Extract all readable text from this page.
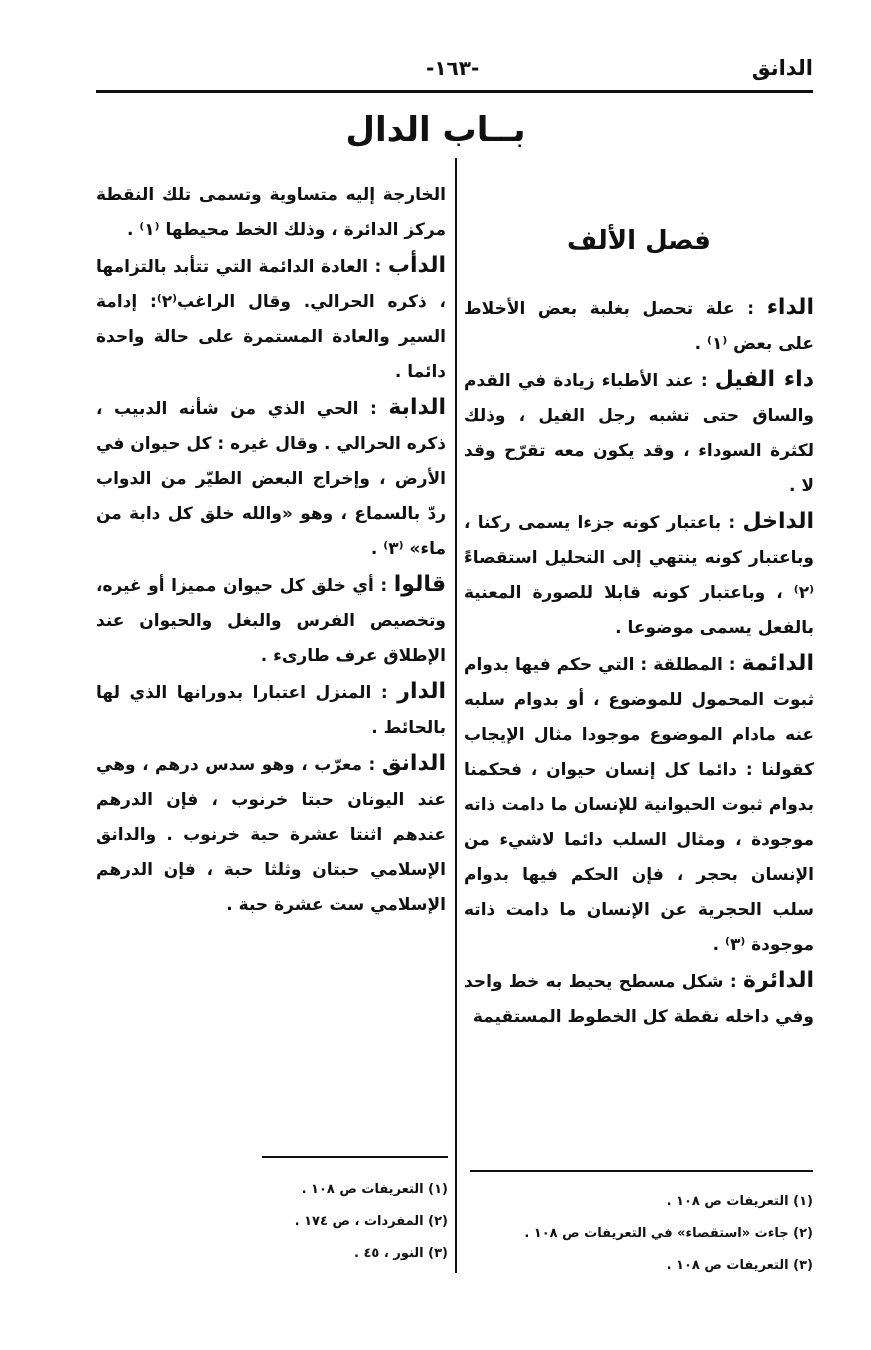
الدانق
-١٦٣-
بــاب الدال
فصل الألف

الداء : علة تحصل بغلبة بعض الأخلاط على بعض ⁽١⁾ .

داء الفيل : عند الأطباء زيادة في القدم والساق حتى تشبه رجل الفيل ، وذلك لكثرة السوداء ، وقد يكون معه تقرّح وقد لا .

الداخل : باعتبار كونه جزءا يسمى ركنا ، وباعتبار كونه ينتهي إلى التحليل استقصاءً ⁽٢⁾ ، وباعتبار كونه قابلا للصورة المعنية بالفعل يسمى موضوعا .

الدائمة : المطلقة : التي حكم فيها بدوام ثبوت المحمول للموضوع ، أو بدوام سلبه عنه مادام الموضوع موجودا مثال الإيجاب كقولنا : دائما كل إنسان حيوان ، فحكمنا بدوام ثبوت الحيوانية للإنسان ما دامت ذاته موجودة ، ومثال السلب دائما لاشيء من الإنسان بحجر ، فإن الحكم فيها بدوام سلب الحجرية عن الإنسان ما دامت ذاته موجودة ⁽٣⁾ .

الدائرة : شكل مسطح يحيط به خط واحد وفي داخله نقطة كل الخطوط المستقيمة

الخارجة إليه متساوية وتسمى تلك النقطة مركز الدائرة ، وذلك الخط محيطها ⁽١⁾ .

الدأب : العادة الدائمة التي تتأبد بالتزامها ، ذكره الحرالي. وقال الراغب⁽٢⁾: إدامة السير والعادة المستمرة على حالة واحدة دائما .

الدابة : الحي الذي من شأنه الدبيب ، ذكره الحرالي . وقال غيره : كل حيوان في الأرض ، وإخراج البعض الطيّر من الدواب ردّ بالسماع ، وهو «والله خلق كل دابة من ماء» ⁽٣⁾ .

قالوا : أي خلق كل حيوان مميزا أو غيره، وتخصيص الفرس والبغل والحيوان عند الإطلاق عرف طارىء .

الدار : المنزل اعتبارا بدورانها الذي لها بالحائط .

الدانق : معرّب ، وهو سدس درهم ، وهي عند اليونان حبتا خرنوب ، فإن الدرهم عندهم اثنتا عشرة حبة خرنوب . والدانق الإسلامي حبتان وثلثا حبة ، فإن الدرهم الإسلامي ست عشرة حبة .

(١) التعريفات ص ١٠٨ .
(٢) جاءت «استقصاء» في التعريفات ص ١٠٨ .
(٣) التعريفات ص ١٠٨ .
(١) التعريفات ص ١٠٨ .
(٢) المفردات ، ص ١٧٤ .
(٣) النور ، ٤٥ .
